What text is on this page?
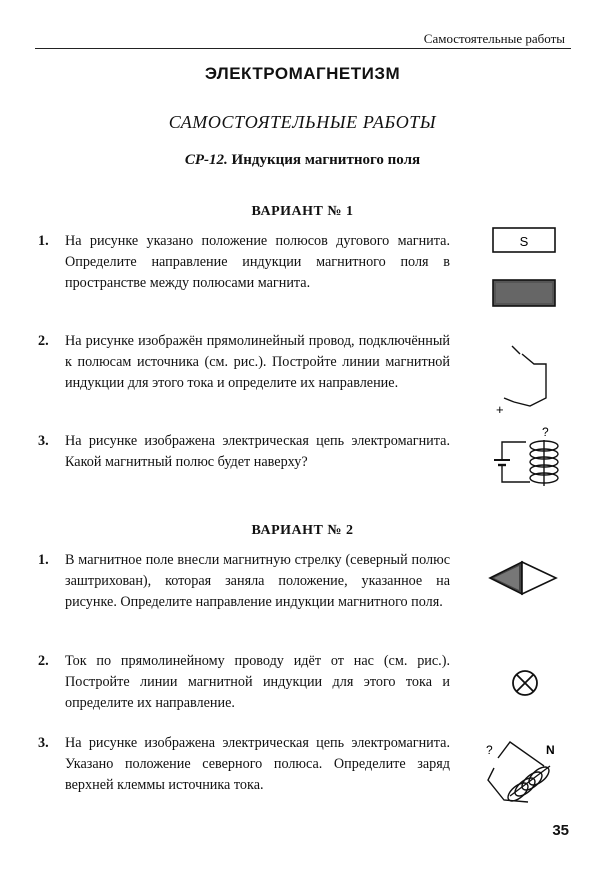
Самостоятельные работы
ЭЛЕКТРОМАГНЕТИЗМ
САМОСТОЯТЕЛЬНЫЕ РАБОТЫ
СР-12. Индукция магнитного поля
ВАРИАНТ № 1
1. На рисунке указано положение полюсов дугового магнита. Определите направление индукции магнитного поля в пространстве между полюсами магнита.
2. На рисунке изображён прямолинейный провод, подключённый к полюсам источника (см. рис.). Постройте линии магнитной индукции для этого тока и определите их направление.
3. На рисунке изображена электрическая цепь электромагнита. Какой магнитный полюс будет наверху?
ВАРИАНТ № 2
1. В магнитное поле внесли магнитную стрелку (северный полюс заштрихован), которая заняла положение, указанное на рисунке. Определите направление индукции магнитного поля.
2. Ток по прямолинейному проводу идёт от нас (см. рис.). Постройте линии магнитной индукции для этого тока и определите их направление.
3. На рисунке изображена электрическая цепь электромагнита. Указано положение северного полюса. Определите заряд верхней клеммы источника тока.
S
+
?
?	N
35
